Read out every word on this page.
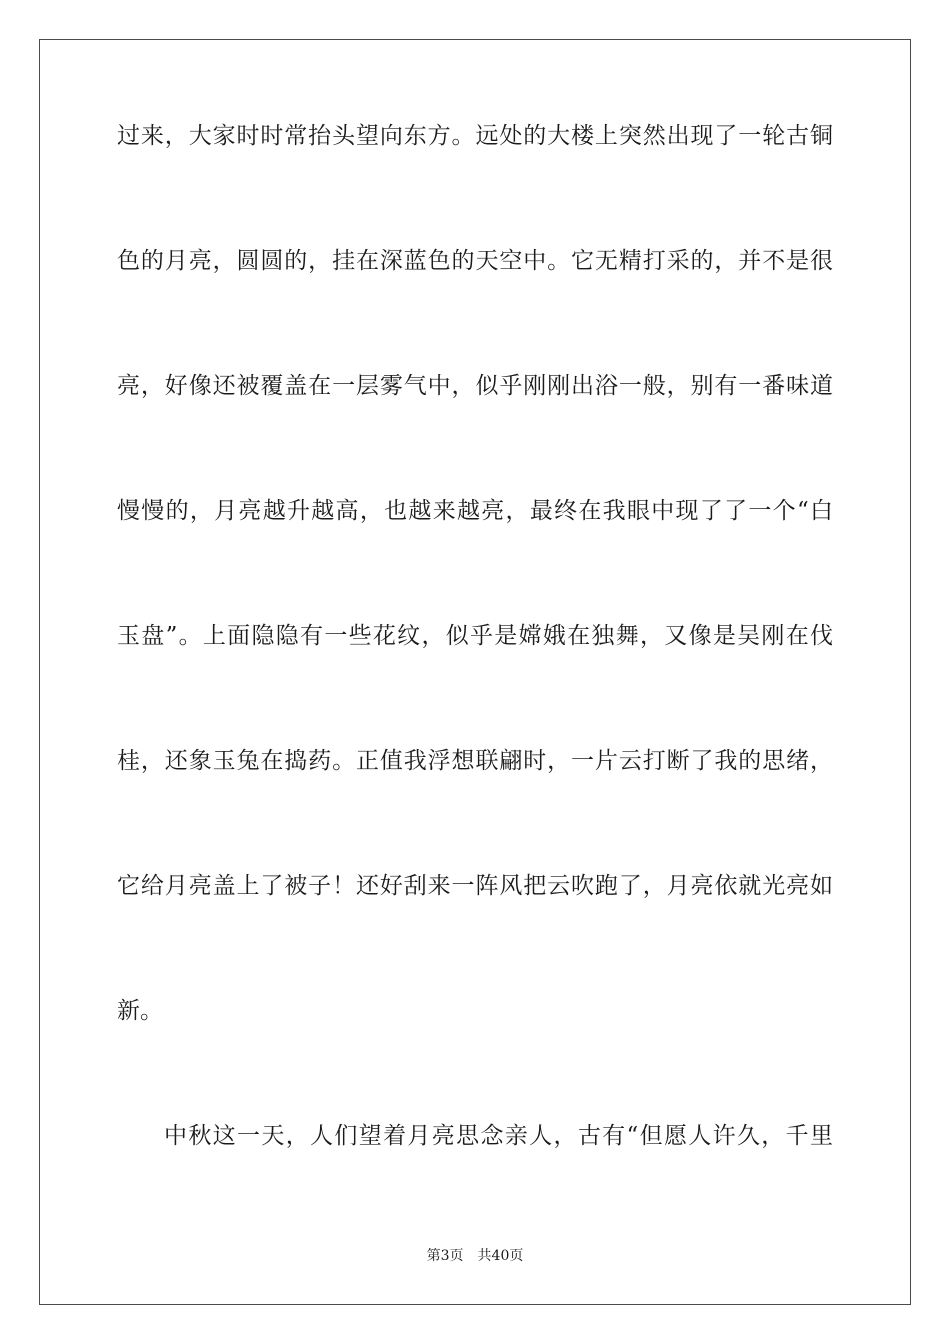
过来，大家时时常抬头望向东方。远处的大楼上突然出现了一轮古铜
色的月亮，圆圆的，挂在深蓝色的天空中。它无精打采的，并不是很
亮，好像还被覆盖在一层雾气中，似乎刚刚出浴一般，别有一番味道
慢慢的，月亮越升越高，也越来越亮，最终在我眼中现了了一个“白
玉盘”。上面隐隐有一些花纹，似乎是嫦娥在独舞，又像是吴刚在伐
桂，还象玉兔在捣药。正值我浮想联翩时，一片云打断了我的思绪，
它给月亮盖上了被子！还好刮来一阵风把云吹跑了，月亮依就光亮如
新。
中秋这一天，人们望着月亮思念亲人，古有“但愿人许久，千里
第3页　共40页
